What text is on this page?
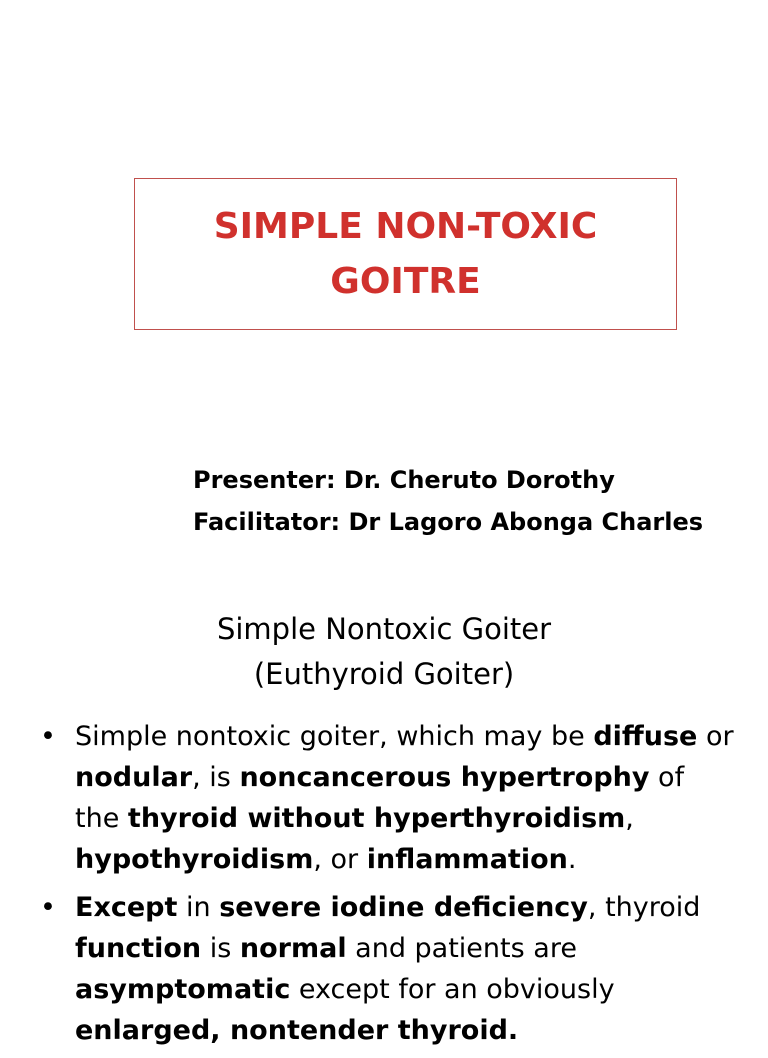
SIMPLE NON-TOXIC
GOITRE
Presenter: Dr. Cheruto Dorothy
Facilitator: Dr Lagoro Abonga Charles
Simple Nontoxic Goiter
(Euthyroid Goiter)
• Simple nontoxic goiter, which may be diffuse or nodular, is noncancerous hypertrophy of the thyroid without hyperthyroidism, hypothyroidism, or inflammation.
• Except in severe iodine deficiency, thyroid function is normal and patients are asymptomatic except for an obviously enlarged, nontender thyroid.
